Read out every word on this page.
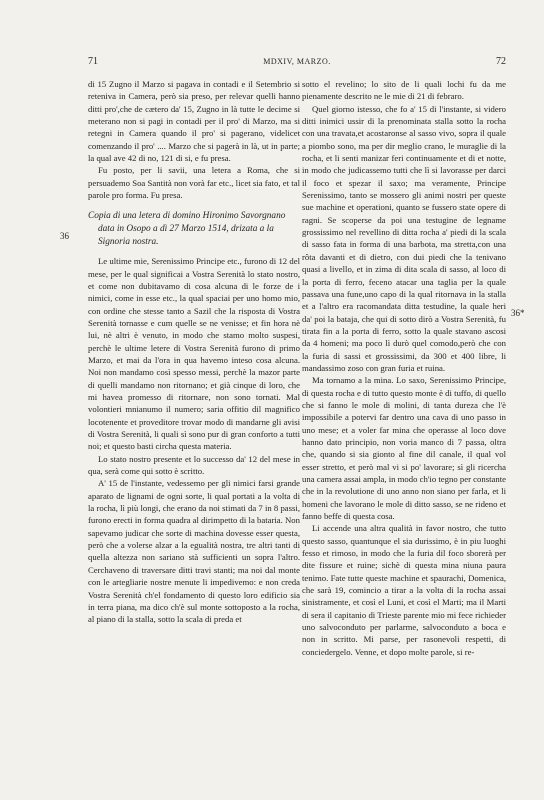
71	MDXIV, MARZO.	72
36
36*

di 15 Zugno il Marzo si pagava in contadi e il Setembrio si reteniva in Camera, però sia preso, per relevar quelli hanno ditti pro',che de cætero da' 15, Zugno in là tutte le decime si meterano non si pagi in contadi per il pro' di Marzo, ma si retegni in Camera quando il pro' si pagerano, videlicet comenzando il pro' .... Marzo che si pagerà in là, ut in parte; la qual ave 42 di no, 121 di si, e fu presa.

Fu posto, per li savii, una letera a Roma, che si persuademo Soa Santità non vorà far etc., licet sia fato, et tal parole pro forma. Fu presa.

Copia di una letera di domino Hironimo Savorgnano data in Osopo a dì 27 Marzo 1514, drizata a la Signoria nostra.

Le ultime mie, Serenissimo Principe etc., furono di 12 del mese, per le qual significai a Vostra Serenità lo stato nostro, et come non dubitavamo di cosa alcuna di le forze de i nimici, come in esse etc., la qual spaciai per uno homo mio, con ordine che stesse tanto a Sazil che la risposta di Vostra Serenità tornasse e cum quelle se ne venisse; et fin hora nè lui, nè altri è venuto, in modo che stamo molto suspesi, perchè le ultime letere di Vostra Serenità furono di primo Marzo, et mai da l'ora in qua havemo inteso cosa alcuna. Noi non mandamo così spesso messi, perchè la mazor parte di quelli mandamo non ritornano; et già cinque di loro, che mi havea promesso di ritornare, non sono tornati. Mal volontieri mnianumo il numero; saria offitio dil magnifico locotenente et proveditore trovar modo di mandarne gli avisi di Vostra Serenità, li quali sì sono pur di gran conforto a tutti noi; et questo basti circha questa materia.

Lo stato nostro presente et lo successo da' 12 del mese in qua, serà come qui sotto è scritto.

A' 15 de l'instante, vedessemo per gli nimici farsi grande aparato de lignami de ogni sorte, li qual portati a la volta di la rocha, lì più longi, che erano da noi stimati da 7 in 8 passi, furono erecti in forma quadra al dirimpetto di la bataria. Non sapevamo judicar che sorte di machina dovesse esser questa, però che a volerse alzar a la egualità nostra, tre altri tanti di quella altezza non sariano stà sufficienti un sopra l'altro. Cerchaveno di traversare ditti travi stanti; ma noi dal monte con le artegliarie nostre menute li impedivemo: e non creda Vostra Serenità ch'el fondamento di questo loro edificio sia in terra piana, ma dico ch'è sul monte sottoposto a la rocha, al piano di la stalla, sotto la scala di preda et

sotto el revelino; lo sito de li quali lochi fu da me pienamente descrito ne le mie di 21 di febraro.

Quel giorno istesso, che fo a' 15 di l'instante, si videro ditti inimici ussir di la prenominata stalla sotto la rocha con una travata,et acostaronse al sasso vivo, sopra il quale a piombo sono, ma per dir meglio crano, le muraglie di la rocha, et li senti manizar feri continuamente et di et notte, in modo che judicassemo tutti che lì si lavorasse per darci il foco et spezar il saxo; ma veramente, Principe Serenissimo, tanto se mossero gli animi nostri per queste sue machine et operationi, quanto se fussero state opere di ragni. Se scoperse da poi una testugine de legname grossissimo nel revellino di ditta rocha a' piedi di la scala di sasso fata in forma di una barbota, ma stretta,con una rôta davanti et di dietro, con dui piedi che la tenivano quasi a livello, et in zima di dita scala di sasso, al loco di la porta di ferro, feceno atacar una taglia per la quale passava una fune,uno capo di la qual ritornava in la stalla et a l'altro era racomandata ditta testudine, la quale heri da' poi la bataja, che qui di sotto dirò a Vostra Serenità, fu tirata fin a la porta di ferro, sotto la quale stavano ascosi da 4 homeni; ma poco lì durò quel comodo,però che con la furia di sassi et grossissimi, da 300 et 400 libre, li mandassimo zoso con gran furia et ruina.

Ma tornamo a la mina. Lo saxo, Serenissimo Principe, di questa rocha e di tutto questo monte è di tuffo, di quello che si fanno le mole di molini, di tanta dureza che l'è impossibile a potervi far dentro una cava di uno passo in uno mese; et a voler far mina che operasse al loco dove hanno dato principio, non voria manco di 7 passa, oltra che, quando si sia gionto al fine dil canale, il qual vol esser stretto, et però mal vi si po' lavorare; sì gli ricercha una camera assai ampla, in modo ch'io tegno per constante che in la revolutione di uno anno non siano per farla, et li homeni che lavorano le mole di ditto sasso, se ne rideno et fanno beffe di questa cosa.

Li accende una altra qualità in favor nostro, che tutto questo sasso, quantunque el sia durissimo, è in piu luoghi fesso et rimoso, in modo che la furia dil foco sborerà per dite fissure et ruine; sichè di questa mina niuna paura tenimo. Fate tutte queste machine et spaurachi, Domenica, che sarà 19, comincio a tirar a la volta di la rocha assai sinistramente, et così el Luni, et così el Marti; ma il Marti di sera il capitanio di Trieste parente mio mi fece richieder uno salvoconduto per parlarme, salvoconduto a boca e non in scritto. Mi parse, per rasonevoli respetti, di conciedergelo. Venne, et dopo molte parole, si re-
